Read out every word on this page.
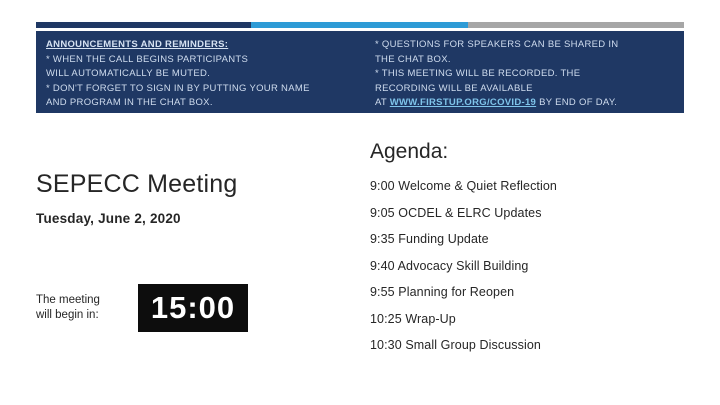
ANNOUNCEMENTS AND REMINDERS:
* WHEN THE CALL BEGINS PARTICIPANTS
WILL AUTOMATICALLY BE MUTED.
* DON'T FORGET TO SIGN IN BY PUTTING YOUR NAME
AND PROGRAM IN THE CHAT BOX.
* QUESTIONS FOR SPEAKERS CAN BE SHARED IN
THE CHAT BOX.
* THIS MEETING WILL BE RECORDED. THE
RECORDING WILL BE AVAILABLE
AT WWW.FIRSTUP.ORG/COVID-19 BY END OF DAY.
SEPECC Meeting
Tuesday, June 2, 2020
The meeting
will begin in:	15:00
Agenda:
9:00 Welcome & Quiet Reflection
9:05 OCDEL & ELRC Updates
9:35 Funding Update
9:40 Advocacy Skill Building
9:55 Planning for Reopen
10:25 Wrap-Up
10:30 Small Group Discussion
